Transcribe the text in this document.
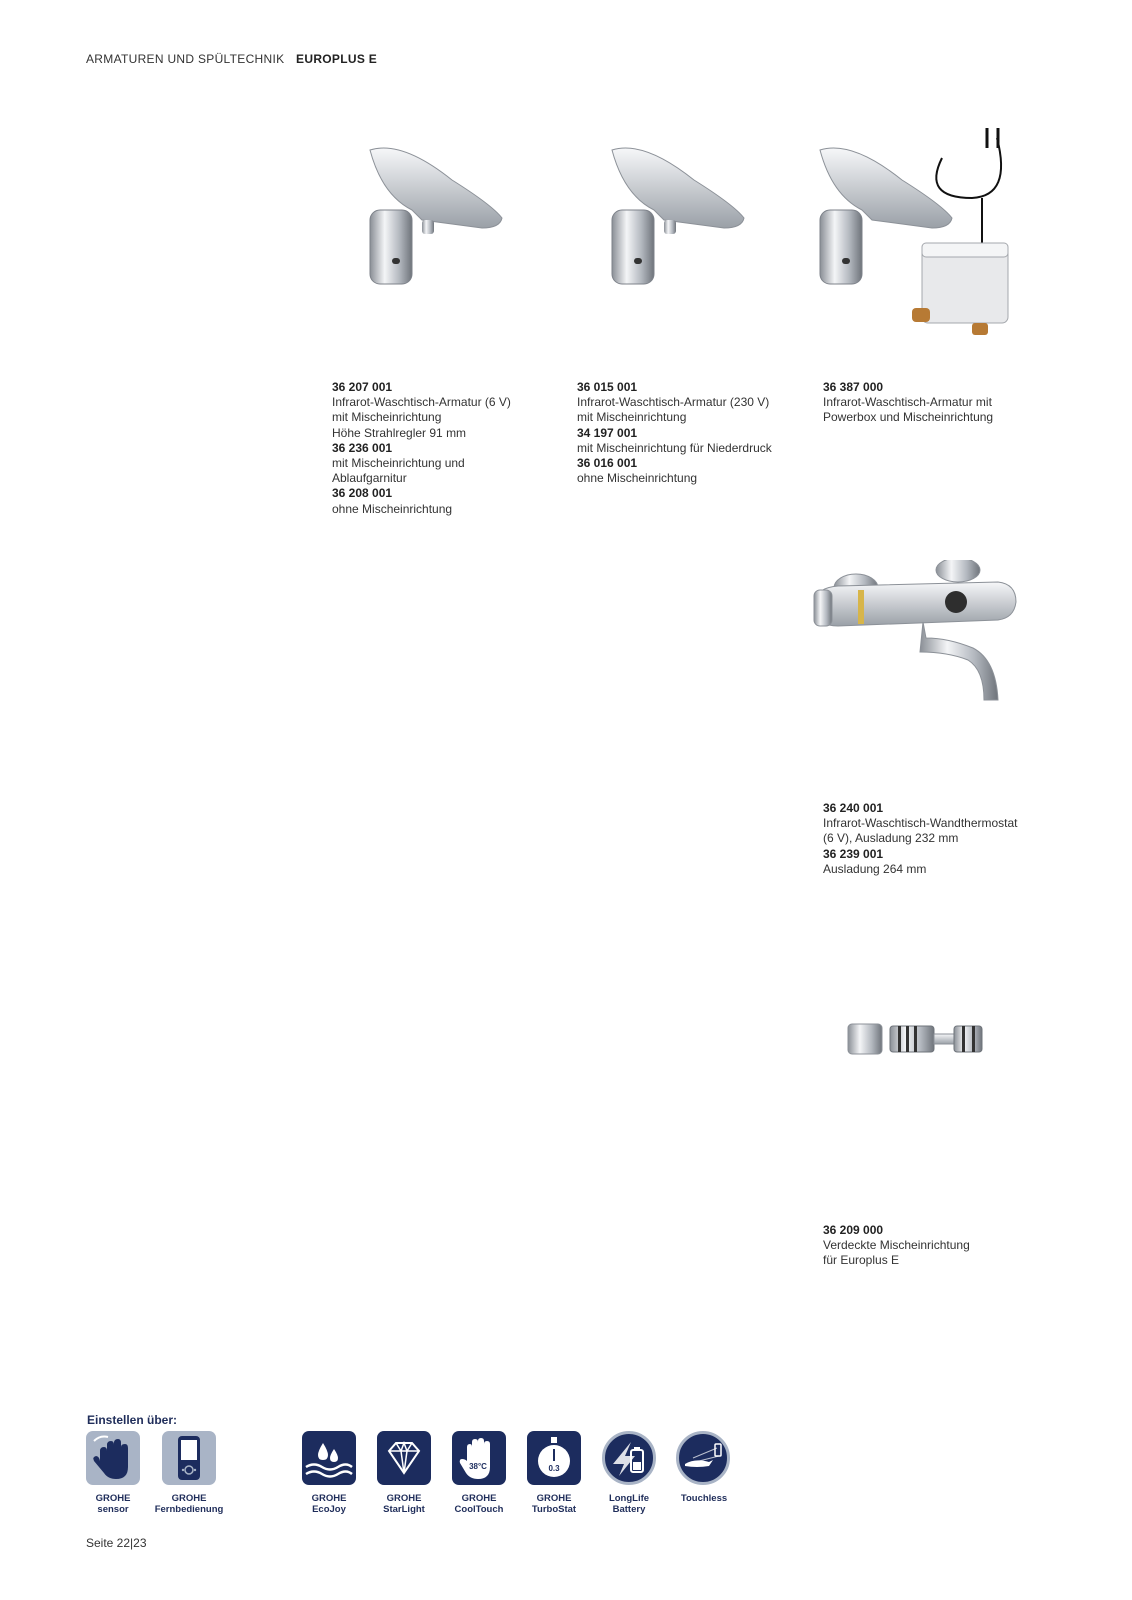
ARMATUREN UND SPÜLTECHNIK EUROPLUS E
36 207 001
Infrarot-Waschtisch-Armatur (6 V)
mit Mischeinrichtung
Höhe Strahlregler 91 mm
36 236 001
mit Mischeinrichtung und
Ablaufgarnitur
36 208 001
ohne Mischeinrichtung
36 015 001
Infrarot-Waschtisch-Armatur (230 V)
mit Mischeinrichtung
34 197 001
mit Mischeinrichtung für Niederdruck
36 016 001
ohne Mischeinrichtung
36 387 000
Infrarot-Waschtisch-Armatur mit
Powerbox und Mischeinrichtung
36 240 001
Infrarot-Waschtisch-Wandthermostat
(6 V), Ausladung 232 mm
36 239 001
Ausladung 264 mm
36 209 000
Verdeckte Mischeinrichtung
für Europlus E
Einstellen über:
GROHE
sensor
GROHE
Fernbedienung
38°C	0.3
GROHE
EcoJoy
GROHE
StarLight
GROHE
CoolTouch
GROHE
TurboStat
LongLife
Battery
Touchless
Seite 22|23
